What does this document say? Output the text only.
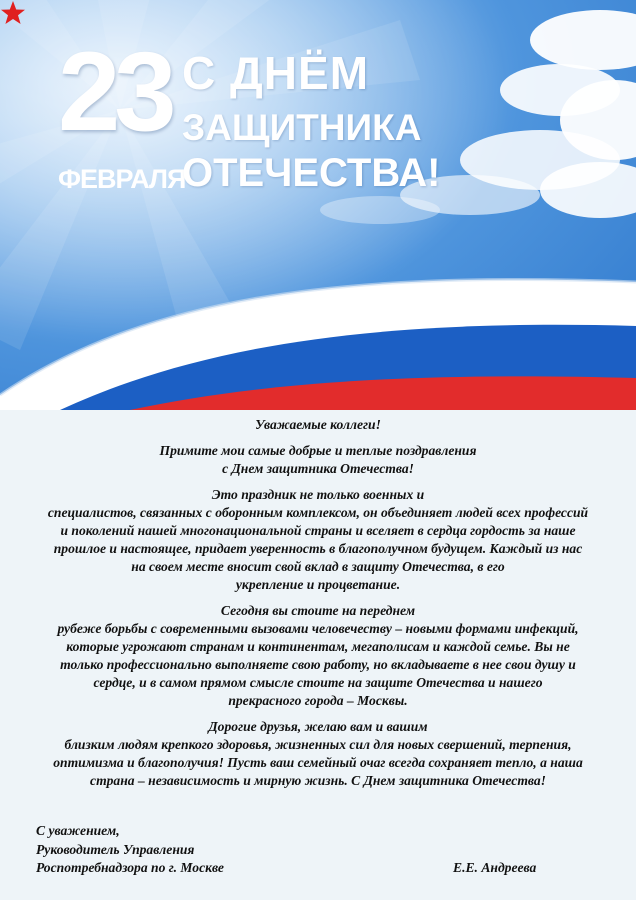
23
ФЕВРАЛЯ
С ДНЁМ
ЗАЩИТНИКА
ОТЕЧЕСТВА!

Уважаемые коллеги!

Примите мои самые добрые и теплые поздравления
с Днем защитника Отечества!

Это праздник не только военных и
специалистов, связанных с оборонным комплексом, он объединяет людей всех профессий
и поколений нашей многонациональной страны и вселяет в сердца гордость за наше
прошлое и настоящее, придает уверенность в благополучном будущем. Каждый из нас
на своем месте вносит свой вклад в защиту Отечества, в его
укрепление и процветание.

Сегодня вы стоите на переднем
рубеже борьбы с современными вызовами человечеству – новыми формами инфекций,
которые угрожают странам и континентам, мегаполисам и каждой семье. Вы не
только профессионально выполняете свою работу, но вкладываете в нее свои душу и
сердце, и в самом прямом смысле стоите на защите Отечества и нашего
прекрасного города – Москвы.

Дорогие друзья, желаю вам и вашим
близким людям крепкого здоровья, жизненных сил для новых свершений, терпения,
оптимизма и благополучия! Пусть ваш семейный очаг всегда сохраняет тепло, а наша
страна – независимость и мирную жизнь. С Днем защитника Отечества!

С уважением,
Руководитель Управления
Роспотребнадзора по г. Москве	Е.Е. Андреева
